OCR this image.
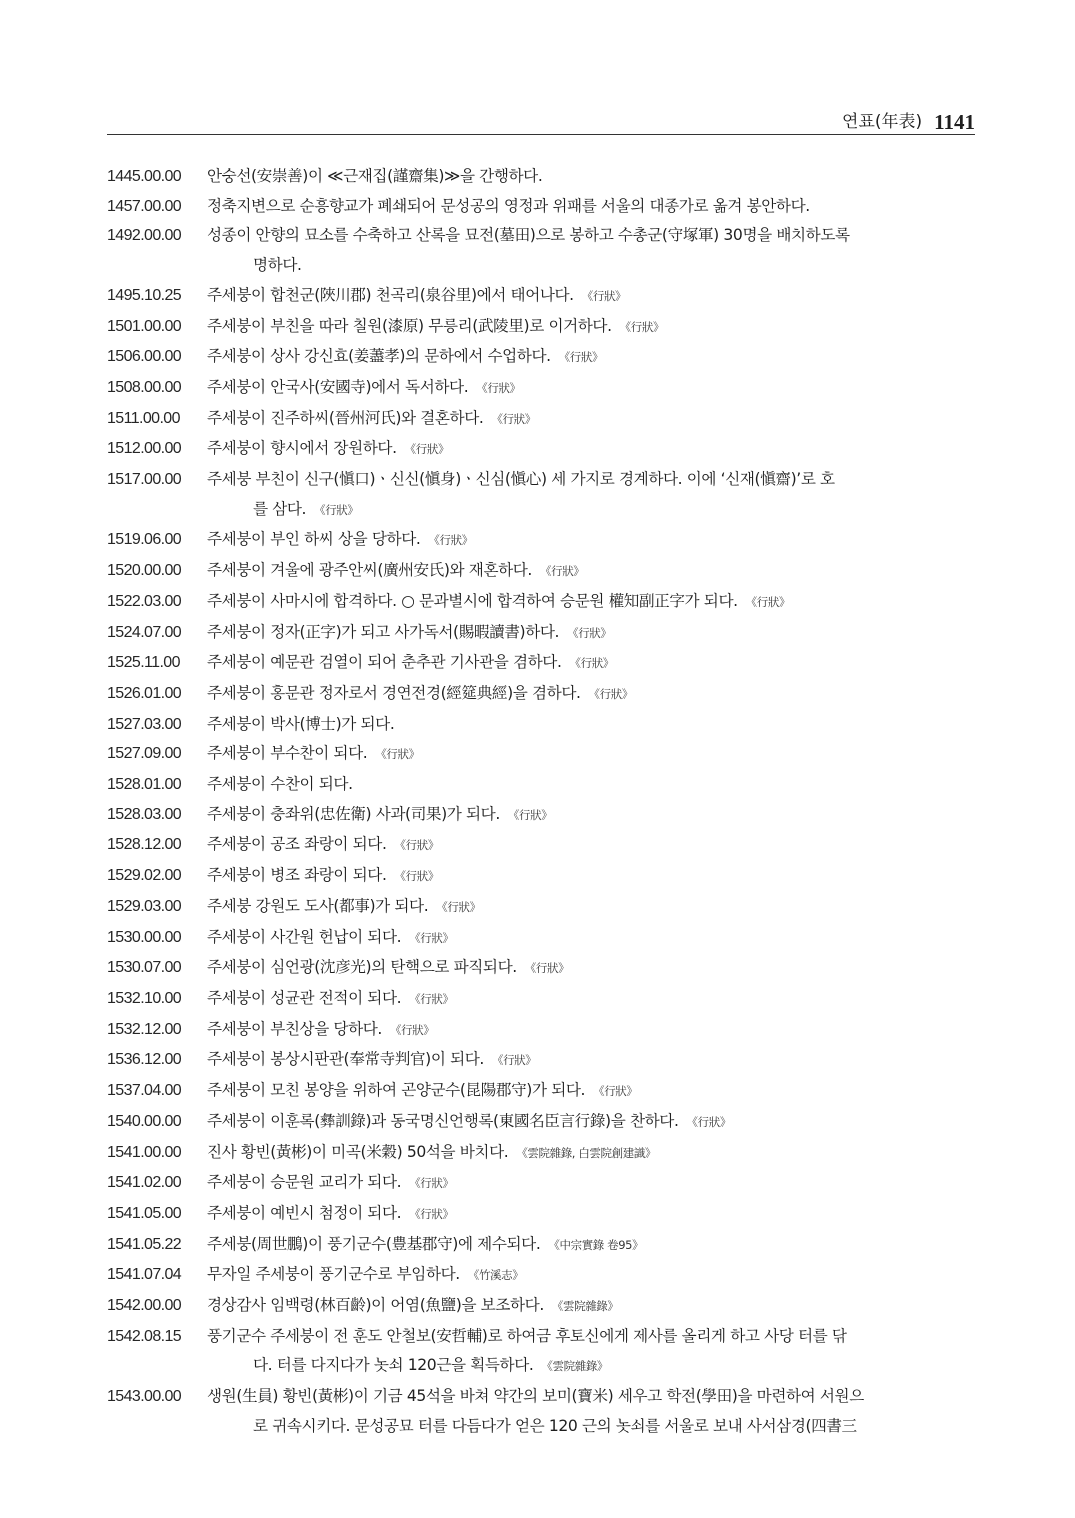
연표(年表) 1141
1445.00.00	안숭선(安崇善)이 ≪근재집(謹齋集)≫을 간행하다.
1457.00.00	정축지변으로 순흥향교가 폐쇄되어 문성공의 영정과 위패를 서울의 대종가로 옮겨 봉안하다.
1492.00.00	성종이 안향의 묘소를 수축하고 산록을 묘전(墓田)으로 봉하고 수총군(守塚軍) 30명을 배치하도록
명하다.
1495.10.25	주세붕이 합천군(陜川郡) 천곡리(泉谷里)에서 태어나다. 《行狀》
1501.00.00	주세붕이 부친을 따라 칠원(漆原) 무릉리(武陵里)로 이거하다. 《行狀》
1506.00.00	주세붕이 상사 강신효(姜藎孝)의 문하에서 수업하다. 《行狀》
1508.00.00	주세붕이 안국사(安國寺)에서 독서하다. 《行狀》
1511.00.00	주세붕이 진주하씨(晉州河氏)와 결혼하다. 《行狀》
1512.00.00	주세붕이 향시에서 장원하다. 《行狀》
1517.00.00	주세붕 부친이 신구(愼口)ㆍ신신(愼身)ㆍ신심(愼心) 세 가지로 경계하다. 이에 ‘신재(愼齋)’로 호
를 삼다. 《行狀》
1519.06.00	주세붕이 부인 하씨 상을 당하다. 《行狀》
1520.00.00	주세붕이 겨울에 광주안씨(廣州安氏)와 재혼하다. 《行狀》
1522.03.00	주세붕이 사마시에 합격하다. ○ 문과별시에 합격하여 승문원 權知副正字가 되다. 《行狀》
1524.07.00	주세붕이 정자(正字)가 되고 사가독서(賜暇讀書)하다. 《行狀》
1525.11.00	주세붕이 예문관 검열이 되어 춘추관 기사관을 겸하다. 《行狀》
1526.01.00	주세붕이 홍문관 정자로서 경연전경(經筵典經)을 겸하다. 《行狀》
1527.03.00	주세붕이 박사(博士)가 되다.
1527.09.00	주세붕이 부수찬이 되다. 《行狀》
1528.01.00	주세붕이 수찬이 되다.
1528.03.00	주세붕이 충좌위(忠佐衛) 사과(司果)가 되다. 《行狀》
1528.12.00	주세붕이 공조 좌랑이 되다. 《行狀》
1529.02.00	주세붕이 병조 좌랑이 되다. 《行狀》
1529.03.00	주세붕 강원도 도사(都事)가 되다. 《行狀》
1530.00.00	주세붕이 사간원 헌납이 되다. 《行狀》
1530.07.00	주세붕이 심언광(沈彦光)의 탄핵으로 파직되다. 《行狀》
1532.10.00	주세붕이 성균관 전적이 되다. 《行狀》
1532.12.00	주세붕이 부친상을 당하다. 《行狀》
1536.12.00	주세붕이 봉상시판관(奉常寺判官)이 되다. 《行狀》
1537.04.00	주세붕이 모친 봉양을 위하여 곤양군수(昆陽郡守)가 되다. 《行狀》
1540.00.00	주세붕이 이훈록(彝訓錄)과 동국명신언행록(東國名臣言行錄)을 찬하다. 《行狀》
1541.00.00	진사 황빈(黃彬)이 미곡(米穀) 50석을 바치다. 《雲院雜錄, 白雲院創建識》
1541.02.00	주세붕이 승문원 교리가 되다. 《行狀》
1541.05.00	주세붕이 예빈시 첨정이 되다. 《行狀》
1541.05.22	주세붕(周世鵬)이 풍기군수(豊基郡守)에 제수되다. 《中宗實錄 卷95》
1541.07.04	무자일 주세붕이 풍기군수로 부임하다. 《竹溪志》
1542.00.00	경상감사 임백령(林百齡)이 어염(魚鹽)을 보조하다. 《雲院雜錄》
1542.08.15	풍기군수 주세붕이 전 훈도 안철보(安哲輔)로 하여금 후토신에게 제사를 올리게 하고 사당 터를 닦
다. 터를 다지다가 놋쇠 120근을 획득하다. 《雲院雜錄》
1543.00.00	생원(生員) 황빈(黃彬)이 기금 45석을 바쳐 약간의 보미(寶米) 세우고 학전(學田)을 마련하여 서원으
로 귀속시키다. 문성공묘 터를 다듬다가 얻은 120 근의 놋쇠를 서울로 보내 사서삼경(四書三
